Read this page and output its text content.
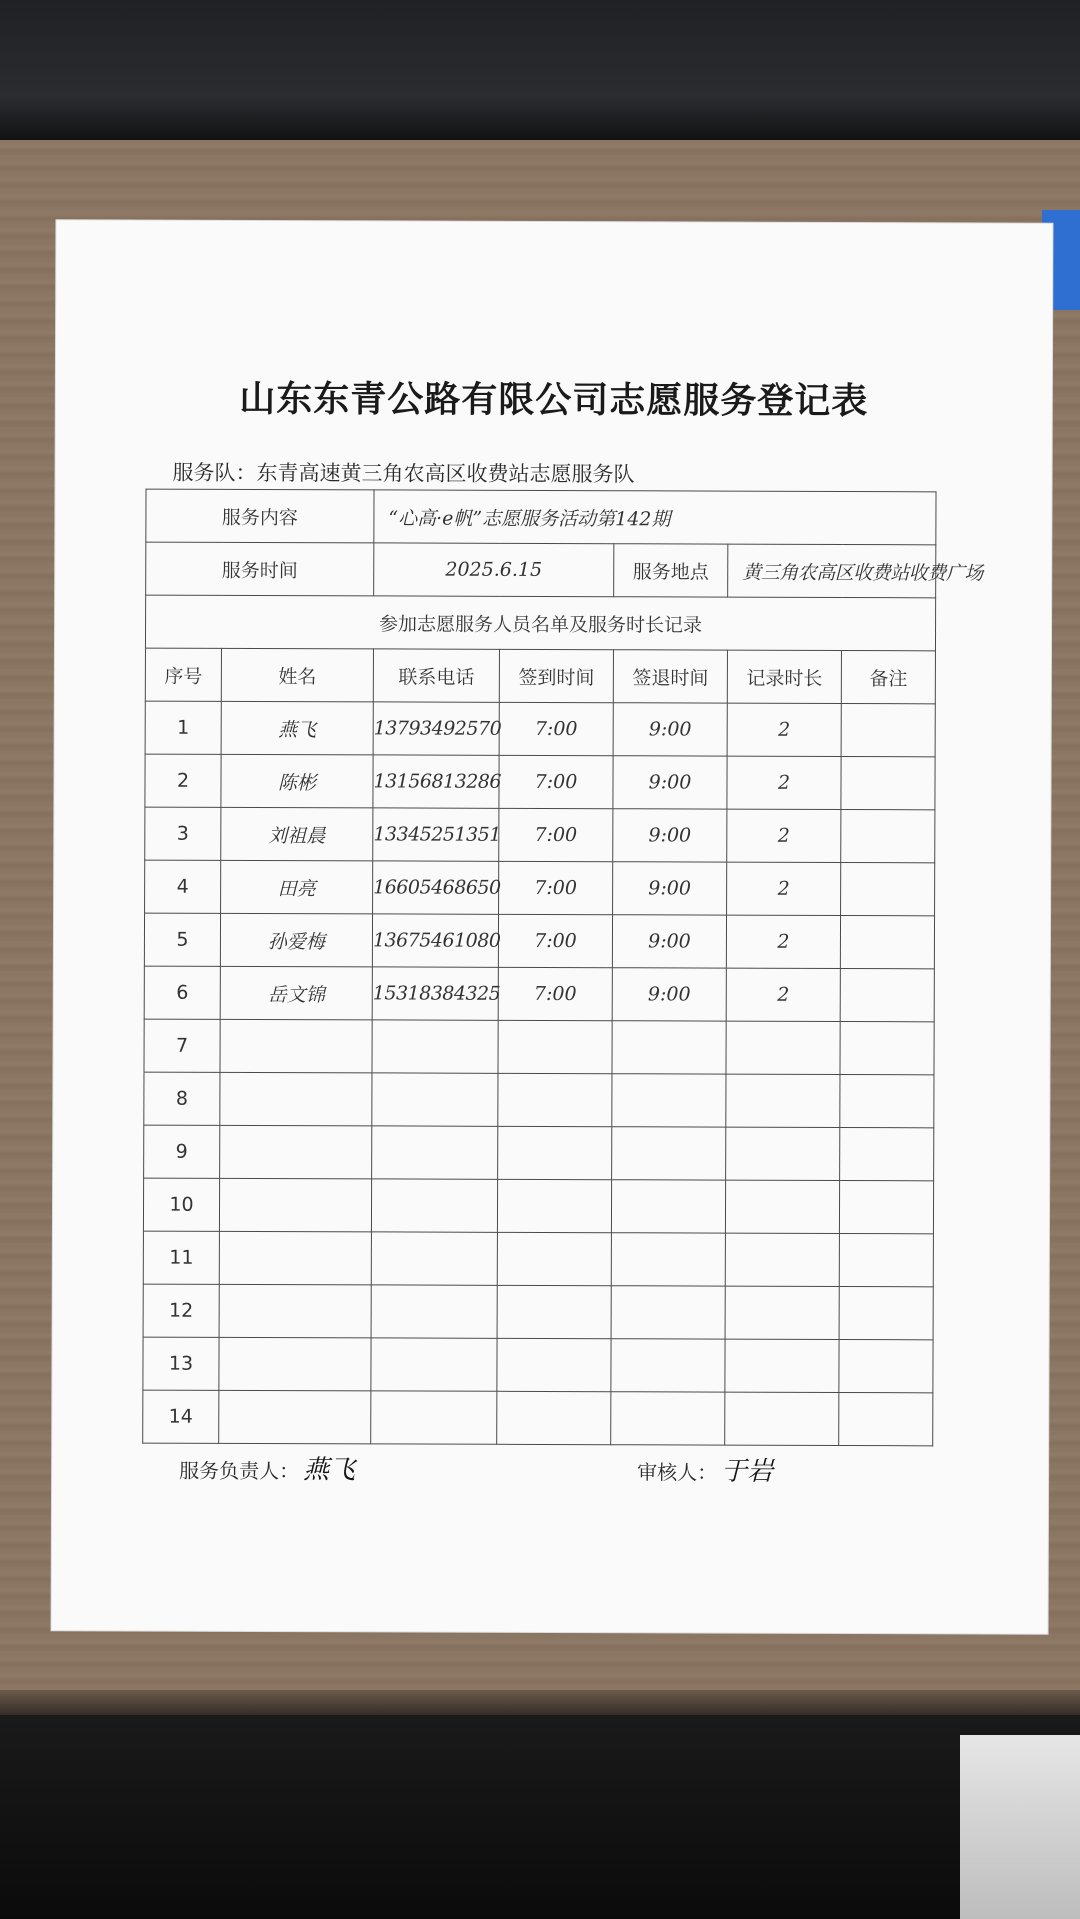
山东东青公路有限公司志愿服务登记表
服务队：东青高速黄三角农高区收费站志愿服务队
服务内容		“心高·e帆”志愿服务活动第142期				
服务时间		2025.6.15		服务地点	黄三角农高区收费站收费广场	
参加志愿服务人员名单及服务时长记录						
序号	姓名	联系电话	签到时间	签退时间	记录时长	备注
1	燕飞	13793492570	7:00	9:00	2	
2	陈彬	13156813286	7:00	9:00	2	
3	刘祖晨	13345251351	7:00	9:00	2	
4	田亮	16605468650	7:00	9:00	2	
5	孙爱梅	13675461080	7:00	9:00	2	
6	岳文锦	15318384325	7:00	9:00	2	
7						
8						
9						
10						
11						
12						
13						
14						
服务负责人： 燕飞	审核人： 于岩
